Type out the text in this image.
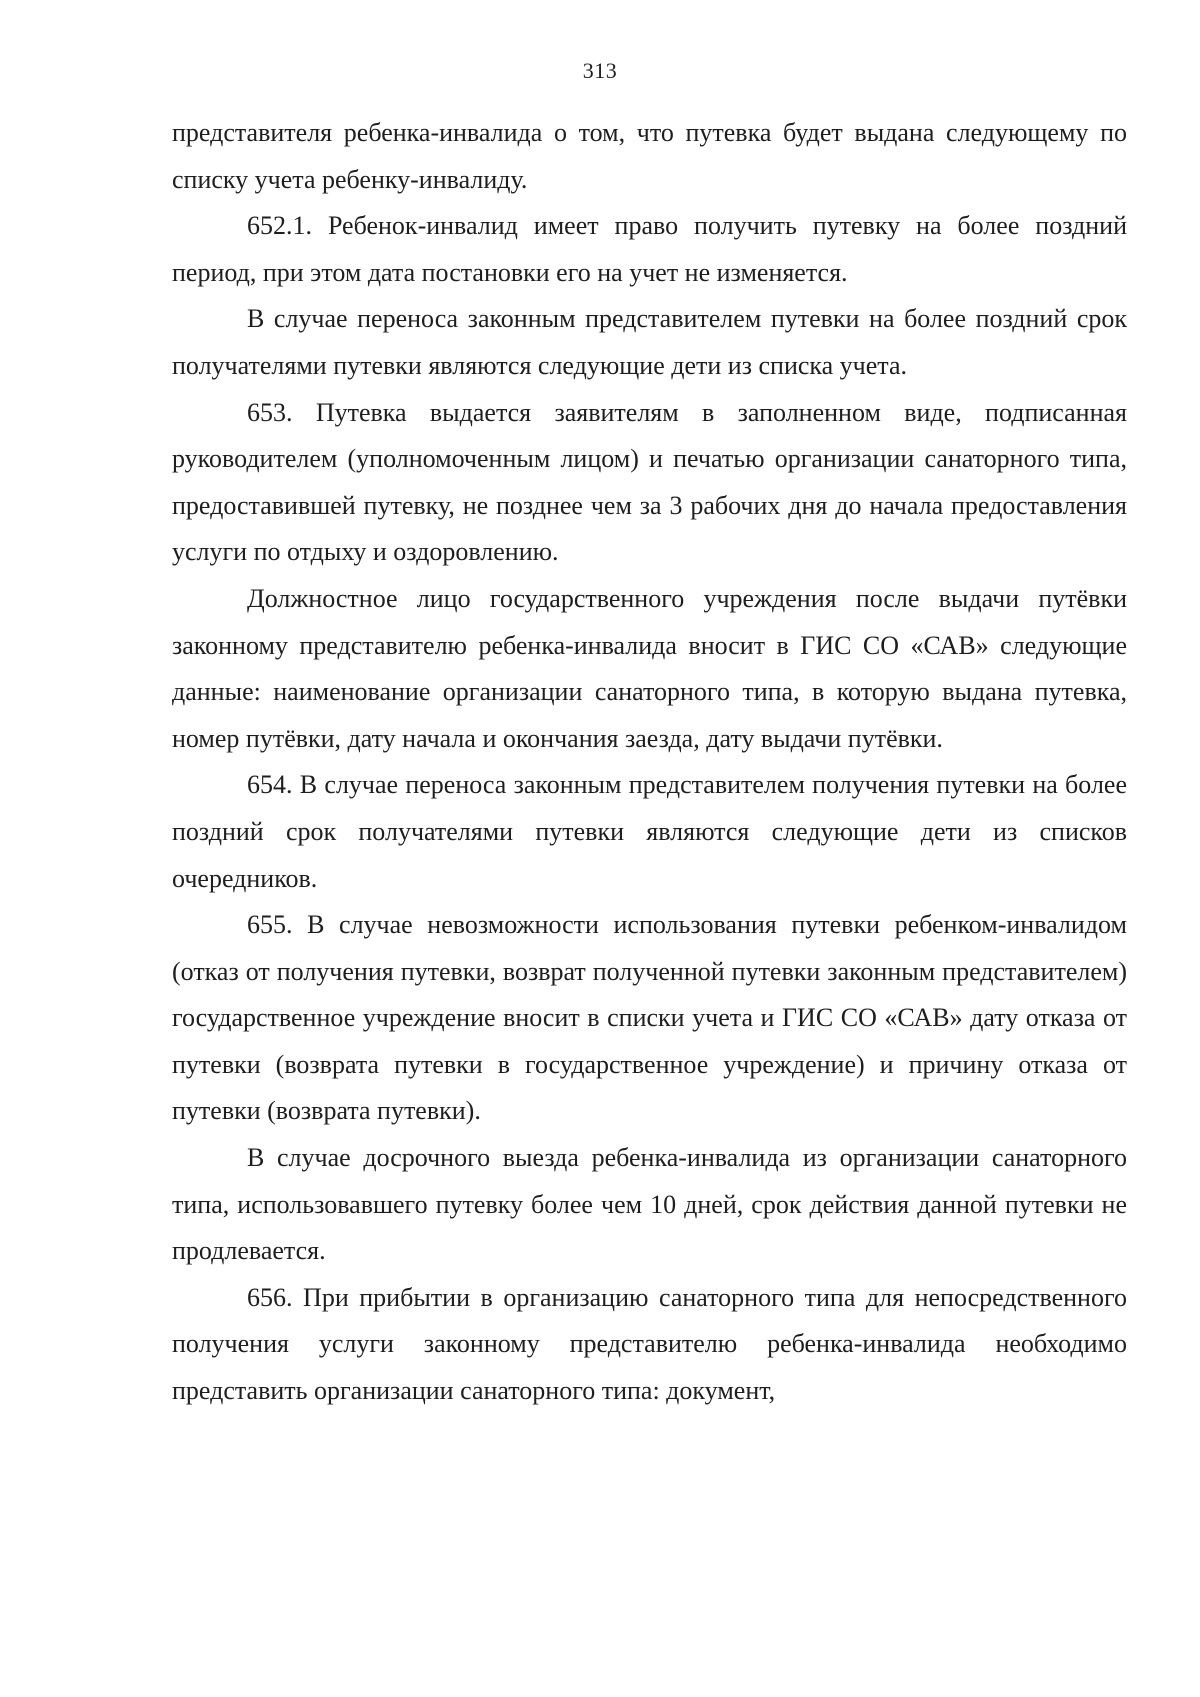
313

представителя ребенка-инвалида о том, что путевка будет выдана следующему по списку учета ребенку-инвалиду.

652.1. Ребенок-инвалид имеет право получить путевку на более поздний период, при этом дата постановки его на учет не изменяется.

В случае переноса законным представителем путевки на более поздний срок получателями путевки являются следующие дети из списка учета.

653. Путевка выдается заявителям в заполненном виде, подписанная руководителем (уполномоченным лицом) и печатью организации санаторного типа, предоставившей путевку, не позднее чем за 3 рабочих дня до начала предоставления услуги по отдыху и оздоровлению.

Должностное лицо государственного учреждения после выдачи путёвки законному представителю ребенка-инвалида вносит в ГИС СО «САВ» следующие данные: наименование организации санаторного типа, в которую выдана путевка, номер путёвки, дату начала и окончания заезда, дату выдачи путёвки.

654. В случае переноса законным представителем получения путевки на более поздний срок получателями путевки являются следующие дети из списков очередников.

655. В случае невозможности использования путевки ребенком-инвалидом (отказ от получения путевки, возврат полученной путевки законным представителем) государственное учреждение вносит в списки учета и ГИС СО «САВ» дату отказа от путевки (возврата путевки в государственное учреждение) и причину отказа от путевки (возврата путевки).

В случае досрочного выезда ребенка-инвалида из организации санаторного типа, использовавшего путевку более чем 10 дней, срок действия данной путевки не продлевается.

656. При прибытии в организацию санаторного типа для непосредственного получения услуги законному представителю ребенка-инвалида необходимо представить организации санаторного типа: документ,
